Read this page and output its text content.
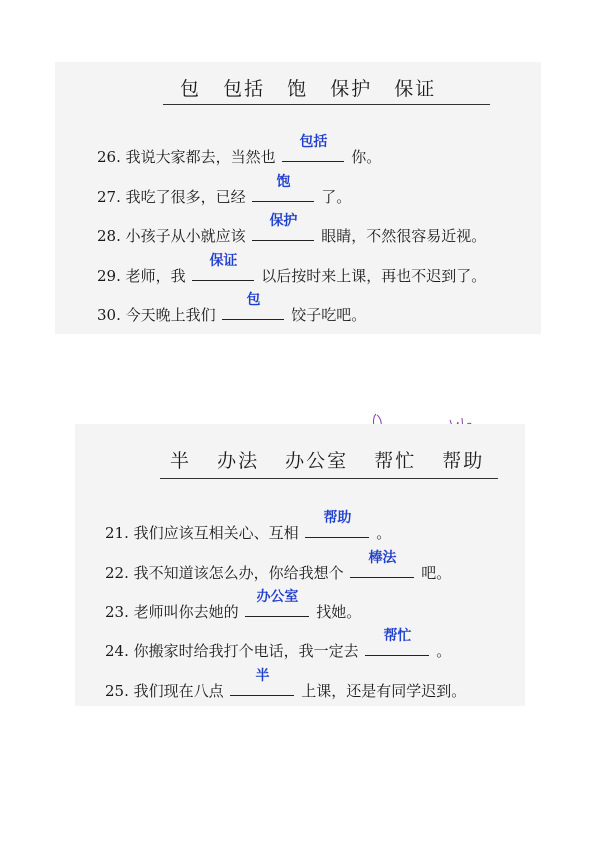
包 包括 饱 保护 保证
26. 我说大家都去，当然也
包括
你。
27. 我吃了很多，已经
饱
了。
28. 小孩子从小就应该
保护
眼睛，不然很容易近视。
29. 老师，我
保证
以后按时来上课，再也不迟到了。
30. 今天晚上我们
包
饺子吃吧。
半 办法 办公室 帮忙 帮助
21. 我们应该互相关心、互相
帮助
。
22. 我不知道该怎么办，你给我想个
棒法
吧。
23. 老师叫你去她的
办公室
找她。
24. 你搬家时给我打个电话，我一定去
帮忙
。
25. 我们现在八点
半
上课，还是有同学迟到。
